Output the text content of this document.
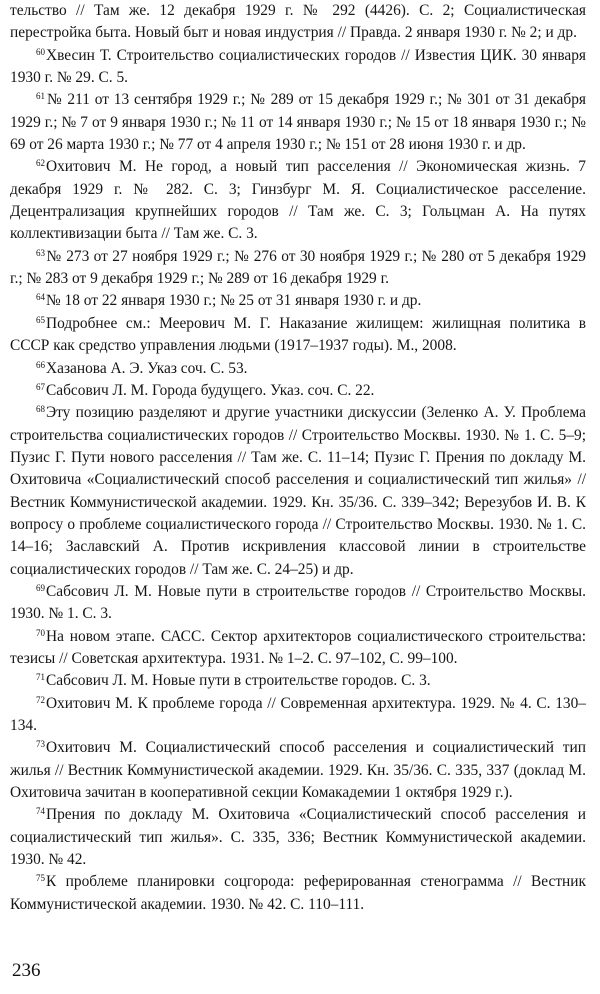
тельство // Там же. 12 декабря 1929 г. № 292 (4426). С. 2; Социалистическая перестройка быта. Новый быт и новая индустрия // Правда. 2 января 1930 г. № 2; и др.

$^{60}$Хвесин Т. Строительство социалистических городов // Известия ЦИК. 30 января 1930 г. № 29. С. 5.

$^{61}$№ 211 от 13 сентября 1929 г.; № 289 от 15 декабря 1929 г.; № 301 от 31 декабря 1929 г.; № 7 от 9 января 1930 г.; № 11 от 14 января 1930 г.; № 15 от 18 января 1930 г.; № 69 от 26 марта 1930 г.; № 77 от 4 апреля 1930 г.; № 151 от 28 июня 1930 г. и др.

$^{62}$Охитович М. Не город, а новый тип расселения // Экономическая жизнь. 7 декабря 1929 г. № 282. С. 3; Гинзбург М. Я. Социалистическое расселение. Децентрализация крупнейших городов // Там же. С. 3; Гольцман А. На путях коллективизации быта // Там же. С. 3.

$^{63}$№ 273 от 27 ноября 1929 г.; № 276 от 30 ноября 1929 г.; № 280 от 5 декабря 1929 г.; № 283 от 9 декабря 1929 г.; № 289 от 16 декабря 1929 г.

$^{64}$№ 18 от 22 января 1930 г.; № 25 от 31 января 1930 г. и др.

$^{65}$Подробнее см.: Меерович М. Г. Наказание жилищем: жилищная политика в СССР как средство управления людьми (1917–1937 годы). М., 2008.

$^{66}$Хазанова А. Э. Указ соч. С. 53.

$^{67}$Сабсович Л. М. Города будущего. Указ. соч. С. 22.

$^{68}$Эту позицию разделяют и другие участники дискуссии (Зеленко А. У. Проблема строительства социалистических городов // Строительство Москвы. 1930. № 1. С. 5–9; Пузис Г. Пути нового расселения // Там же. С. 11–14; Пузис Г. Прения по докладу М. Охитовича «Социалистический способ расселения и социалистический тип жилья» // Вестник Коммунистической академии. 1929. Кн. 35/36. С. 339–342; Верезубов И. В. К вопросу о проблеме социалистического города // Строительство Москвы. 1930. № 1. С. 14–16; Заславский А. Против искривления классовой линии в строительстве социалистических городов // Там же. С. 24–25) и др.

$^{69}$Сабсович Л. М. Новые пути в строительстве городов // Строительство Москвы. 1930. № 1. С. 3.

$^{70}$На новом этапе. САСС. Сектор архитекторов социалистического строительства: тезисы // Советская архитектура. 1931. № 1–2. С. 97–102, С. 99–100.

$^{71}$Сабсович Л. М. Новые пути в строительстве городов. С. 3.

$^{72}$Охитович М. К проблеме города // Современная архитектура. 1929. № 4. С. 130–134.

$^{73}$Охитович М. Социалистический способ расселения и социалистический тип жилья // Вестник Коммунистической академии. 1929. Кн. 35/36. С. 335, 337 (доклад М. Охитовича зачитан в кооперативной секции Комакадемии 1 октября 1929 г.).

$^{74}$Прения по докладу М. Охитовича «Социалистический способ расселения и социалистический тип жилья». С. 335, 336; Вестник Коммунистической академии. 1930. № 42.

$^{75}$К проблеме планировки соцгорода: реферированная стенограмма // Вестник Коммунистической академии. 1930. № 42. С. 110–111.

236
